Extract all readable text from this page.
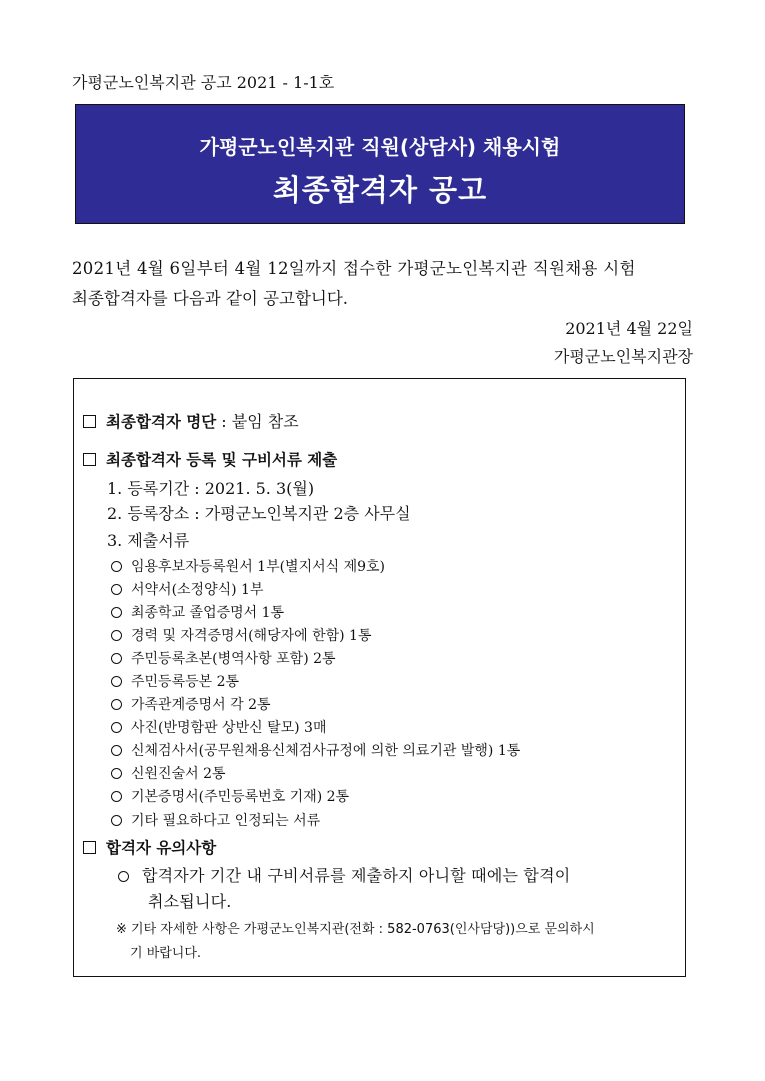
가평군노인복지관 공고 2021 - 1-1호
가평군노인복지관 직원(상담사) 채용시험
최종합격자 공고
2021년 4월 6일부터 4월 12일까지 접수한 가평군노인복지관 직원채용 시험
최종합격자를 다음과 같이 공고합니다.
2021년 4월 22일
가평군노인복지관장
최종합격자 명단 : 붙임 참조
최종합격자 등록 및 구비서류 제출
1. 등록기간 : 2021. 5. 3(월)
2. 등록장소 : 가평군노인복지관 2층 사무실
3. 제출서류
임용후보자등록원서 1부(별지서식 제9호)
서약서(소정양식) 1부
최종학교 졸업증명서 1통
경력 및 자격증명서(해당자에 한함) 1통
주민등록초본(병역사항 포함) 2통
주민등록등본 2통
가족관계증명서 각 2통
사진(반명함판 상반신 탈모) 3매
신체검사서(공무원채용신체검사규정에 의한 의료기관 발행) 1통
신원진술서 2통
기본증명서(주민등록번호 기재) 2통
기타 필요하다고 인정되는 서류
합격자 유의사항
합격자가 기간 내 구비서류를 제출하지 아니할 때에는 합격이
취소됩니다.
※ 기타 자세한 사항은 가평군노인복지관(전화 : 582-0763(인사담당))으로 문의하시
기 바랍니다.
